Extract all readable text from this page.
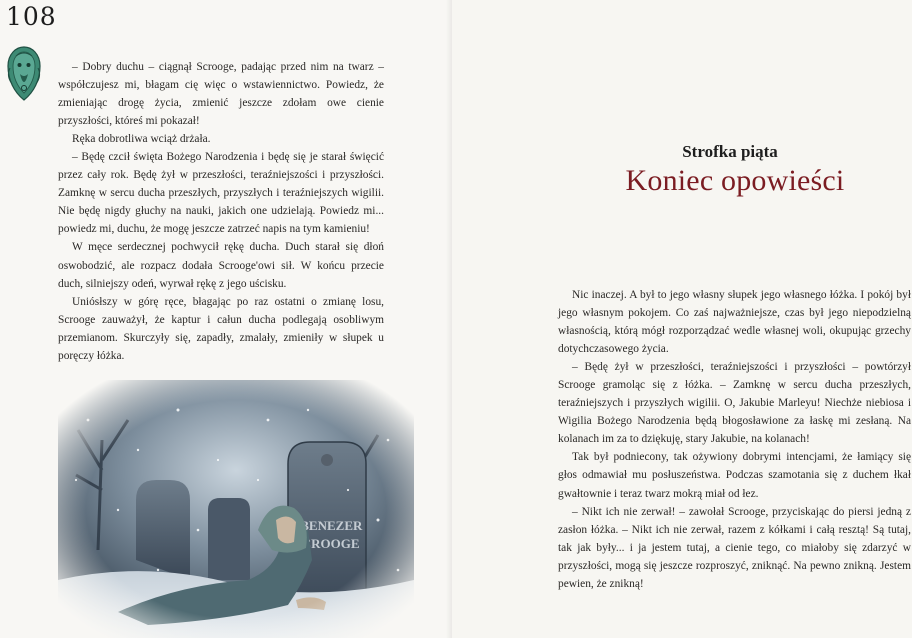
108

– Dobry duchu – ciągnął Scrooge, padając przed nim na twarz – współczujesz mi, błagam cię więc o wstawiennictwo. Powiedz, że zmieniając drogę życia, zmienić jeszcze zdołam owe cienie przyszłości, któreś mi pokazał!

Ręka dobrotliwa wciąż drżała.

– Będę czcił święta Bożego Narodzenia i będę się je starał święcić przez cały rok. Będę żył w przeszłości, teraźniejszości i przyszłości. Zamknę w sercu ducha przeszłych, przyszłych i teraźniejszych wigilii. Nie będę nigdy głuchy na nauki, jakich one udzielają. Powiedz mi... powiedz mi, duchu, że mogę jeszcze zatrzeć napis na tym kamieniu!

W męce serdecznej pochwycił rękę ducha. Duch starał się dłoń oswobodzić, ale rozpacz dodała Scrooge'owi sił. W końcu przecie duch, silniejszy odeń, wyrwał rękę z jego uścisku.

Uniósłszy w górę ręce, błagając po raz ostatni o zmianę losu, Scrooge zauważył, że kaptur i całun ducha podlegają osobliwym przemianom. Skurczyły się, zapadły, zmalały, zmieniły w słupek u poręczy łóżka.

Strofka piąta
Koniec opowieści

Nic inaczej. A był to jego własny słupek jego własnego łóżka. I pokój był jego własnym pokojem. Co zaś najważniejsze, czas był jego niepodzielną własnością, którą mógł rozporządzać wedle własnej woli, okupując grzechy dotychczasowego życia.

– Będę żył w przeszłości, teraźniejszości i przyszłości – powtórzył Scrooge gramoląc się z łóżka. – Zamknę w sercu ducha przeszłych, teraźniejszych i przyszłych wigilii. O, Jakubie Marleyu! Niechże niebiosa i Wigilia Bożego Narodzenia będą błogosławione za łaskę mi zesłaną. Na kolanach im za to dziękuję, stary Jakubie, na kolanach!

Tak był podniecony, tak ożywiony dobrymi intencjami, że łamiący się głos odmawiał mu posłuszeństwa. Podczas szamotania się z duchem łkał gwałtownie i teraz twarz mokrą miał od łez.

– Nikt ich nie zerwał! – zawołał Scrooge, przyciskając do piersi jedną z zasłon łóżka. – Nikt ich nie zerwał, razem z kółkami i całą resztą! Są tutaj, tak jak były... i ja jestem tutaj, a cienie tego, co miałoby się zdarzyć w przyszłości, mogą się jeszcze rozproszyć, zniknąć. Na pewno znikną. Jestem pewien, że znikną!
